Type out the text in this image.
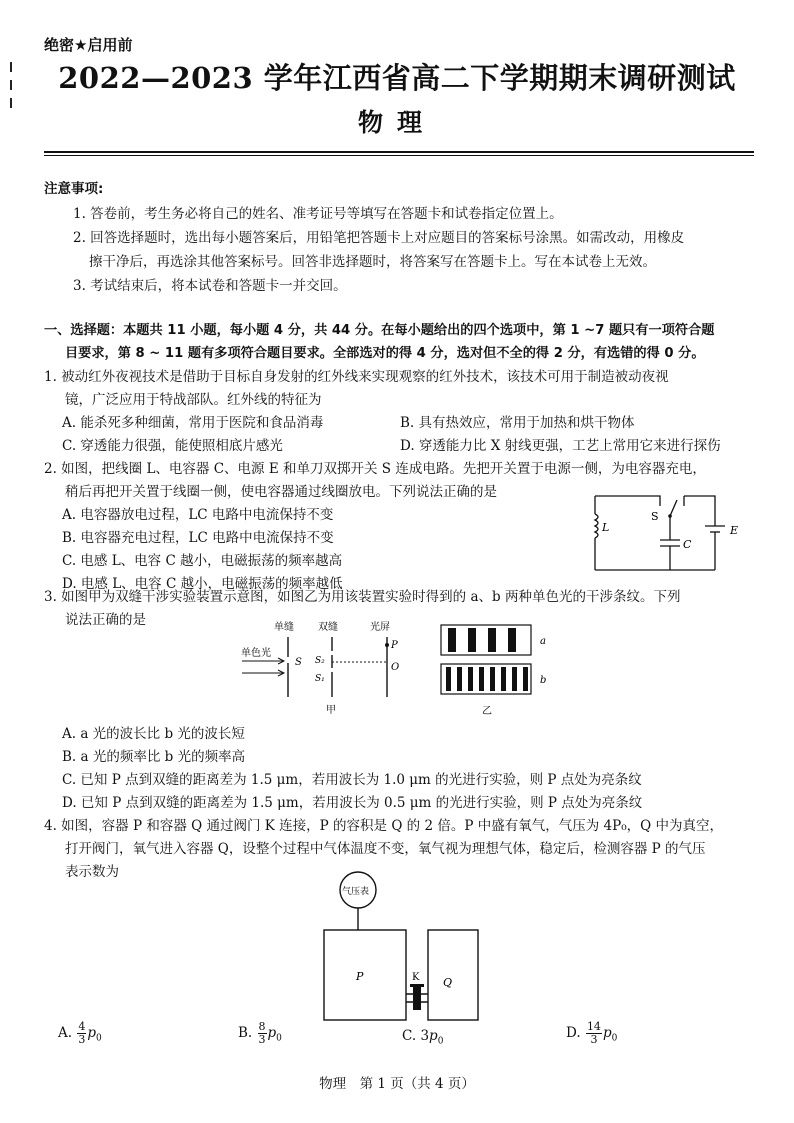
绝密★启用前
2022—2023 学年江西省高二下学期期末调研测试
物理
注意事项:
1. 答卷前，考生务必将自己的姓名、准考证号等填写在答题卡和试卷指定位置上。
2. 回答选择题时，选出每小题答案后，用铅笔把答题卡上对应题目的答案标号涂黑。如需改动，用橡皮
擦干净后，再选涂其他答案标号。回答非选择题时，将答案写在答题卡上。写在本试卷上无效。
3. 考试结束后，将本试卷和答题卡一并交回。
一、选择题：本题共 11 小题，每小题 4 分，共 44 分。在每小题给出的四个选项中，第 1 ~7 题只有一项符合题
目要求，第 8 ~ 11 题有多项符合题目要求。全部选对的得 4 分，选对但不全的得 2 分，有选错的得 0 分。
1. 被动红外夜视技术是借助于目标自身发射的红外线来实现观察的红外技术，该技术可用于制造被动夜视
镜，广泛应用于特战部队。红外线的特征为
A. 能杀死多种细菌，常用于医院和食品消毒	B. 具有热效应，常用于加热和烘干物体
C. 穿透能力很强，能使照相底片感光	D. 穿透能力比 X 射线更强，工艺上常用它来进行探伤
2. 如图，把线圈 L、电容器 C、电源 E 和单刀双掷开关 S 连成电路。先把开关置于电源一侧，为电容器充电，
稍后再把开关置于线圈一侧，使电容器通过线圈放电。下列说法正确的是
A. 电容器放电过程，LC 电路中电流保持不变
B. 电容器充电过程，LC 电路中电流保持不变
C. 电感 L、电容 C 越小，电磁振荡的频率越高
D. 电感 L、电容 C 越小，电磁振荡的频率越低
L
S
C
E
3. 如图甲为双缝干涉实验装置示意图，如图乙为用该装置实验时得到的 a、b 两种单色光的干涉条纹。下列
说法正确的是	单缝 双缝	光屏
单色光
S S₂
S₁
P
O
甲
a
b
乙
A. a 光的波长比 b 光的波长短
B. a 光的频率比 b 光的频率高
C. 已知 P 点到双缝的距离差为 1.5 μm，若用波长为 1.0 μm 的光进行实验，则 P 点处为亮条纹
D. 已知 P 点到双缝的距离差为 1.5 μm，若用波长为 0.5 μm 的光进行实验，则 P 点处为亮条纹
4. 如图，容器 P 和容器 Q 通过阀门 K 连接，P 的容积是 Q 的 2 倍。P 中盛有氧气，气压为 4P₀，Q 中为真空，
打开阀门，氧气进入容器 Q，设整个过程中气体温度不变，氧气视为理想气体，稳定后，检测容器 P 的气压
表示数为
气压表
P	Q
K
A. $\frac{4}{3} p_0$	B. $\frac{8}{3} p_0$	C. $3p_0$
D. $\frac{14}{3} p_0$
物理　第 1 页（共 4 页）
